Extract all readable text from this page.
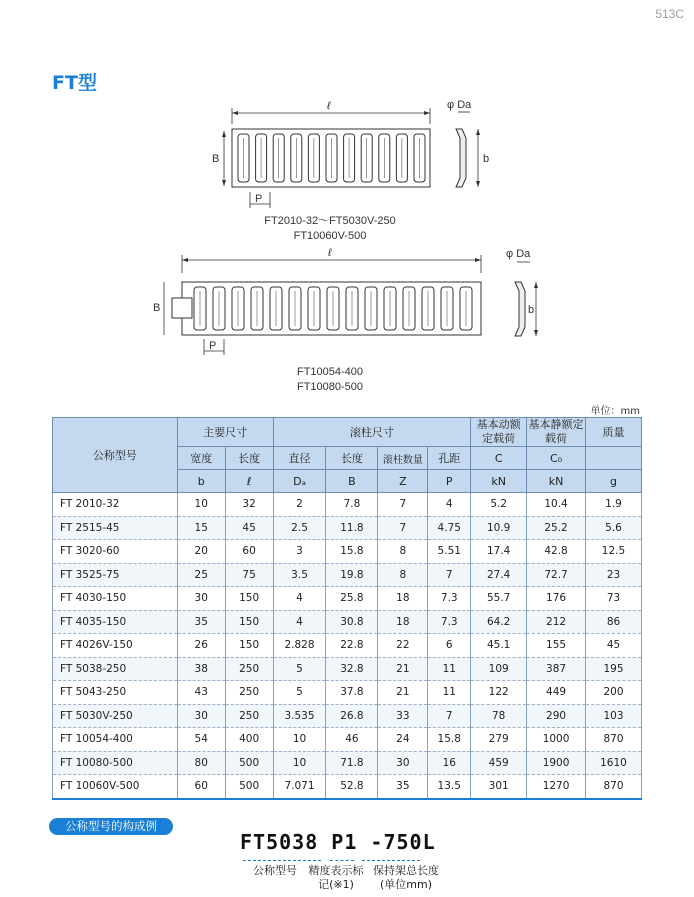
513C
FT型
ℓ
B
P
φ Da
b
FT2010-32～FT5030V-250
FT10060V-500
ℓ
B
P
φ Da
b
FT10054-400
FT10080-500
单位：mm
公称型号	主要尺寸		滚柱尺寸				基本动额定载荷	基本静额定载荷	质量
	宽度	长度	直径	长度	滚柱数量	孔距	C	C₀	
	b	ℓ	Dₐ	B	Z	P	kN	kN	g
FT 2010-32	10	32	2	7.8	7	4	5.2	10.4	1.9
FT 2515-45	15	45	2.5	11.8	7	4.75	10.9	25.2	5.6
FT 3020-60	20	60	3	15.8	8	5.51	17.4	42.8	12.5
FT 3525-75	25	75	3.5	19.8	8	7	27.4	72.7	23
FT 4030-150	30	150	4	25.8	18	7.3	55.7	176	73
FT 4035-150	35	150	4	30.8	18	7.3	64.2	212	86
FT 4026V-150	26	150	2.828	22.8	22	6	45.1	155	45
FT 5038-250	38	250	5	32.8	21	11	109	387	195
FT 5043-250	43	250	5	37.8	21	11	122	449	200
FT 5030V-250	30	250	3.535	26.8	33	7	78	290	103
FT 10054-400	54	400	10	46	24	15.8	279	1000	870
FT 10080-500	80	500	10	71.8	30	16	459	1900	1610
FT 10060V-500	60	500	7.071	52.8	35	13.5	301	1270	870
公称型号的构成例
FT5038 P1 -750L
公称型号	精度表示标记(※1)
保持架总长度(单位mm)
